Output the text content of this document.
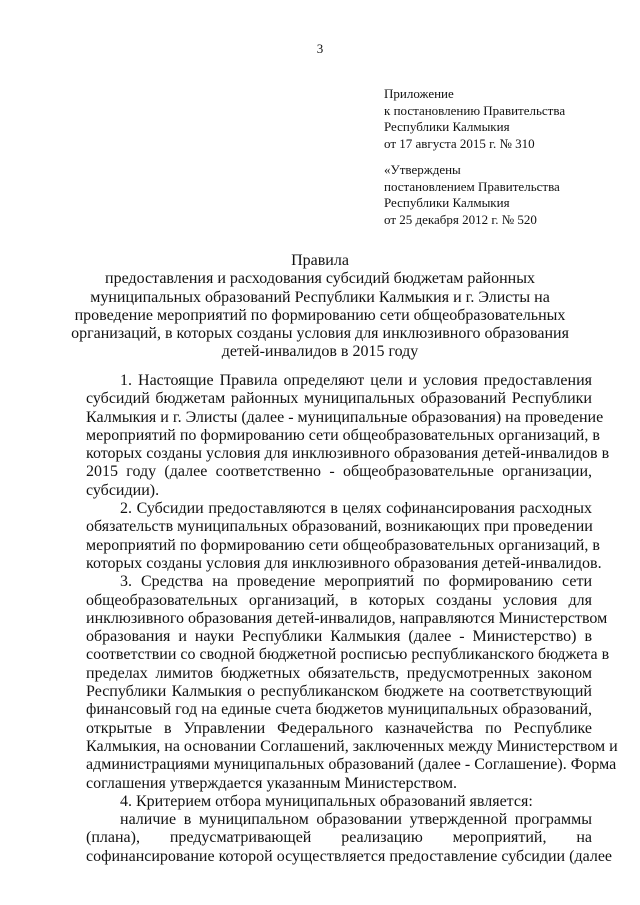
3
Приложение
к постановлению Правительства
Республики Калмыкия
от 17 августа 2015 г. № 310
«Утверждены
постановлением Правительства
Республики Калмыкия
от 25 декабря 2012 г. № 520
Правила
предоставления и расходования субсидий бюджетам районных
муниципальных образований Республики Калмыкия и г. Элисты на
проведение мероприятий по формированию сети общеобразовательных
организаций, в которых созданы условия для инклюзивного образования
детей-инвалидов в 2015 году
1. Настоящие Правила определяют цели и условия предоставления
субсидий бюджетам районных муниципальных образований Республики
Калмыкия и г. Элисты (далее - муниципальные образования) на проведение
мероприятий по формированию сети общеобразовательных организаций, в
которых созданы условия для инклюзивного образования детей-инвалидов в
2015 году (далее соответственно - общеобразовательные организации,
субсидии).
2. Субсидии предоставляются в целях софинансирования расходных
обязательств муниципальных образований, возникающих при проведении
мероприятий по формированию сети общеобразовательных организаций, в
которых созданы условия для инклюзивного образования детей-инвалидов.
3. Средства на проведение мероприятий по формированию сети
общеобразовательных организаций, в которых созданы условия для
инклюзивного образования детей-инвалидов, направляются Министерством
образования и науки Республики Калмыкия (далее - Министерство) в
соответствии со сводной бюджетной росписью республиканского бюджета в
пределах лимитов бюджетных обязательств, предусмотренных законом
Республики Калмыкия о республиканском бюджете на соответствующий
финансовый год на единые счета бюджетов муниципальных образований,
открытые в Управлении Федерального казначейства по Республике
Калмыкия, на основании Соглашений, заключенных между Министерством и
администрациями муниципальных образований (далее - Соглашение). Форма
соглашения утверждается указанным Министерством.
4. Критерием отбора муниципальных образований является:
наличие в муниципальном образовании утвержденной программы
(плана), предусматривающей реализацию мероприятий, на
софинансирование которой осуществляется предоставление субсидии (далее
